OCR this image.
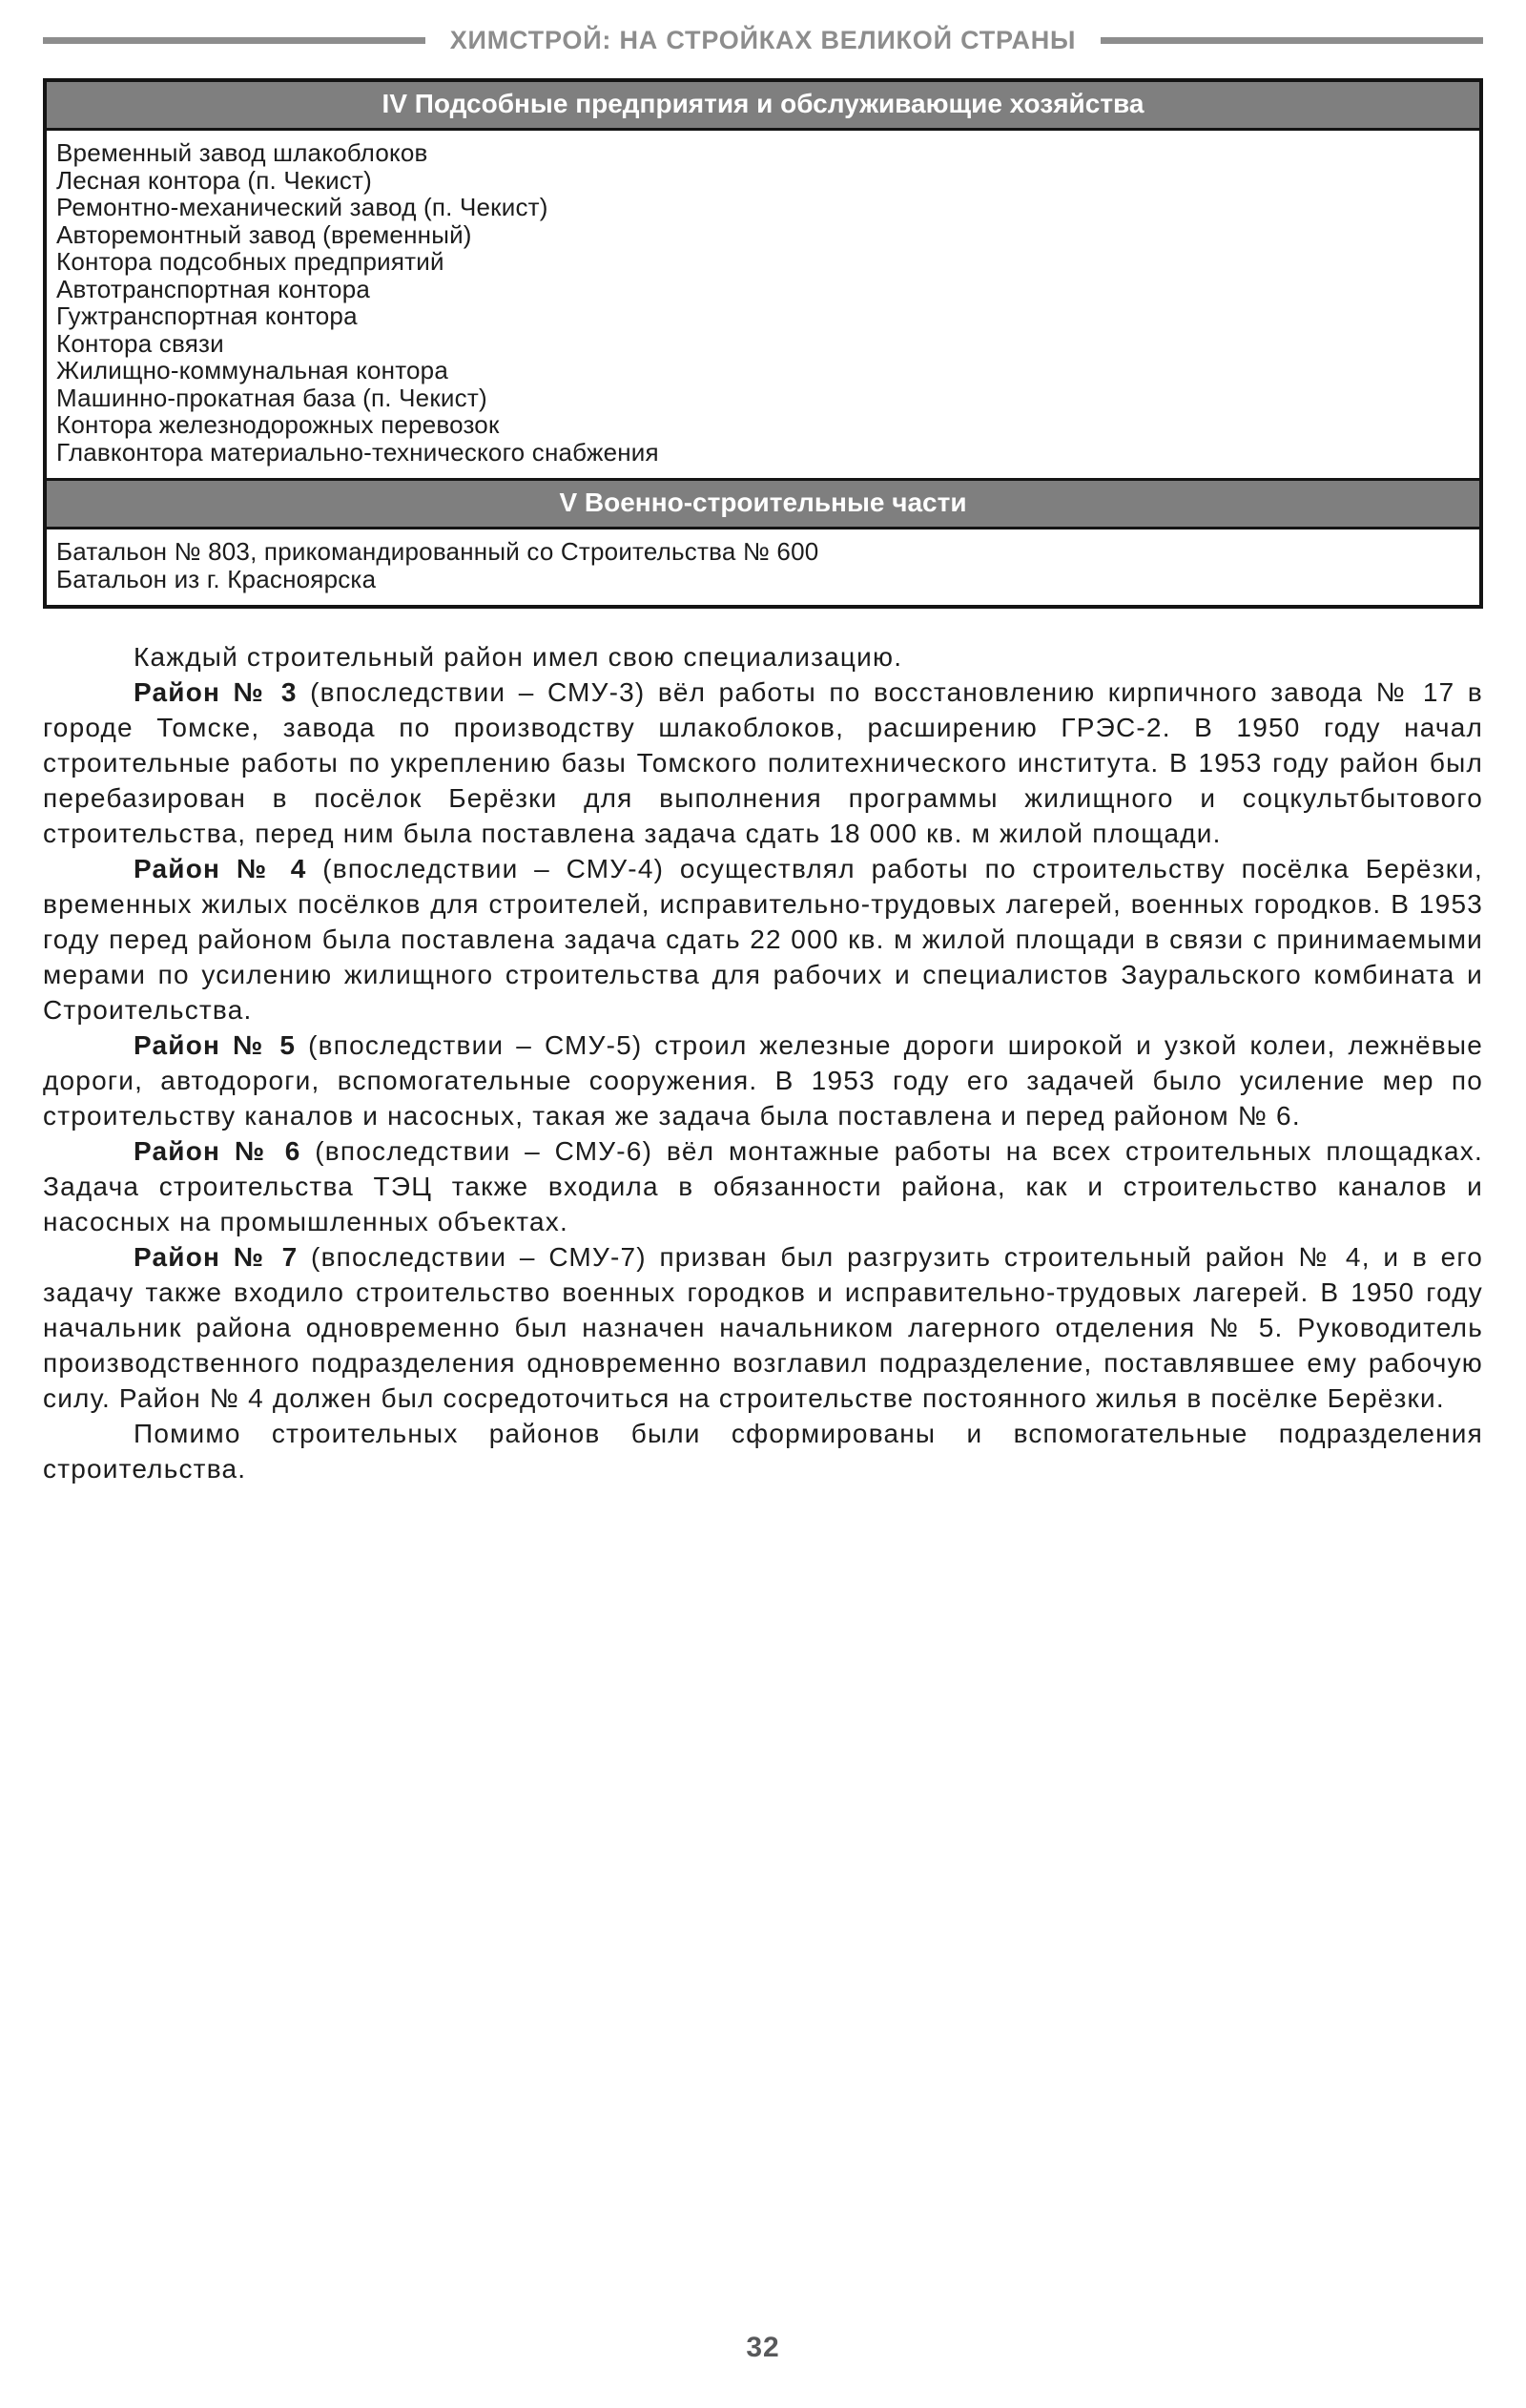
ХИМСТРОЙ: НА СТРОЙКАХ ВЕЛИКОЙ СТРАНЫ
IV Подсобные предприятия и обслуживающие хозяйства
Временный завод шлакоблоков
Лесная контора (п. Чекист)
Ремонтно-механический завод (п. Чекист)
Авторемонтный завод (временный)
Контора подсобных предприятий
Автотранспортная контора
Гужтранспортная контора
Контора связи
Жилищно-коммунальная контора
Машинно-прокатная база (п. Чекист)
Контора железнодорожных перевозок
Главконтора материально-технического снабжения
V Военно-строительные части
Батальон № 803, прикомандированный со Строительства № 600
Батальон из г. Красноярска

Каждый строительный район имел свою специализацию.

Район № 3 (впоследствии – СМУ-3) вёл работы по восстановлению кирпичного завода № 17 в городе Томске, завода по производству шлакоблоков, расширению ГРЭС-2. В 1950 году начал строительные работы по укреплению базы Томского политехнического института. В 1953 году район был перебазирован в посёлок Берёзки для выполнения программы жилищного и соцкультбытового строительства, перед ним была поставлена задача сдать 18 000 кв. м жилой площади.

Район № 4 (впоследствии – СМУ-4) осуществлял работы по строительству посёлка Берёзки, временных жилых посёлков для строителей, исправительно-трудовых лагерей, военных городков. В 1953 году перед районом была поставлена задача сдать 22 000 кв. м жилой площади в связи с принимаемыми мерами по усилению жилищного строительства для рабочих и специалистов Зауральского комбината и Строительства.

Район № 5 (впоследствии – СМУ-5) строил железные дороги широкой и узкой колеи, лежнёвые дороги, автодороги, вспомогательные сооружения. В 1953 году его задачей было усиление мер по строительству каналов и насосных, такая же задача была поставлена и перед районом № 6.

Район № 6 (впоследствии – СМУ-6) вёл монтажные работы на всех строительных площадках. Задача строительства ТЭЦ также входила в обязанности района, как и строительство каналов и насосных на промышленных объектах.

Район № 7 (впоследствии – СМУ-7) призван был разгрузить строительный район № 4, и в его задачу также входило строительство военных городков и исправительно-трудовых лагерей. В 1950 году начальник района одновременно был назначен начальником лагерного отделения № 5. Руководитель производственного подразделения одновременно возглавил подразделение, поставлявшее ему рабочую силу. Район № 4 должен был сосредоточиться на строительстве постоянного жилья в посёлке Берёзки.

Помимо строительных районов были сформированы и вспомогательные подразделения строительства.

32
